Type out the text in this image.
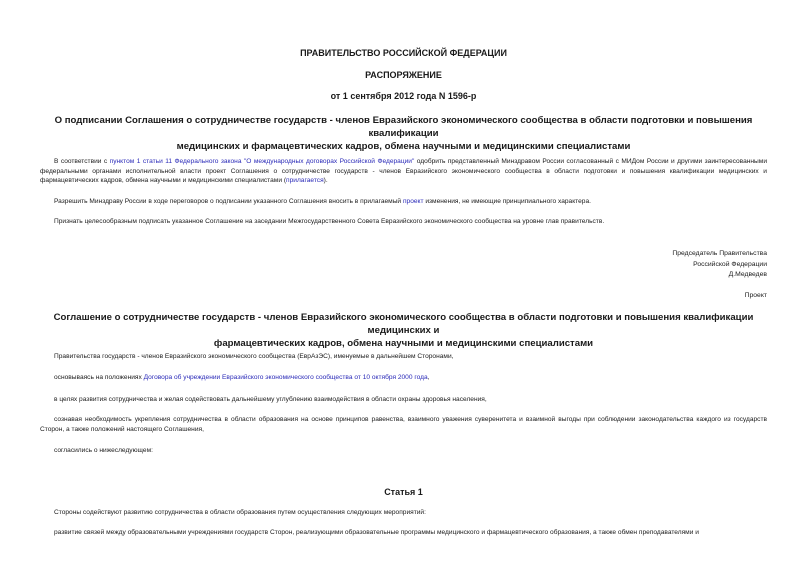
ПРАВИТЕЛЬСТВО РОССИЙСКОЙ ФЕДЕРАЦИИ
РАСПОРЯЖЕНИЕ
от 1 сентября 2012 года N 1596-р
О подписании Соглашения о сотрудничестве государств - членов Евразийского экономического сообщества в области подготовки и повышения квалификации
медицинских и фармацевтических кадров, обмена научными и медицинскими специалистами
В соответствии с пунктом 1 статьи 11 Федерального закона "О международных договорах Российской Федерации" одобрить представленный Минздравом России согласованный с МИДом России и другими заинтересованными федеральными органами исполнительной власти проект Соглашения о сотрудничестве государств - членов Евразийского экономического сообщества в области подготовки и повышения квалификации медицинских и фармацевтических кадров, обмена научными и медицинскими специалистами (прилагается).
Разрешить Минздраву России в ходе переговоров о подписании указанного Соглашения вносить в прилагаемый проект изменения, не имеющие принципиального характера.
Признать целесообразным подписать указанное Соглашение на заседании Межгосударственного Совета Евразийского экономического сообщества на уровне глав правительств.
Председатель Правительства
Российской Федерации
Д.Медведев
Проект
Соглашение о сотрудничестве государств - членов Евразийского экономического сообщества в области подготовки и повышения квалификации медицинских и
фармацевтических кадров, обмена научными и медицинскими специалистами
Правительства государств - членов Евразийского экономического сообщества (ЕврАзЭС), именуемые в дальнейшем Сторонами,
основываясь на положениях Договора об учреждении Евразийского экономического сообщества от 10 октября 2000 года,
в целях развития сотрудничества и желая содействовать дальнейшему углублению взаимодействия в области охраны здоровья населения,
сознавая необходимость укрепления сотрудничества в области образования на основе принципов равенства, взаимного уважения суверенитета и взаимной выгоды при соблюдении законодательства каждого из государств Сторон, а также положений настоящего Соглашения,
согласились о нижеследующем:
Статья 1
Стороны содействуют развитию сотрудничества в области образования путем осуществления следующих мероприятий:
развитие связей между образовательными учреждениями государств Сторон, реализующими образовательные программы медицинского и фармацевтического образования, а также обмен преподавателями и
